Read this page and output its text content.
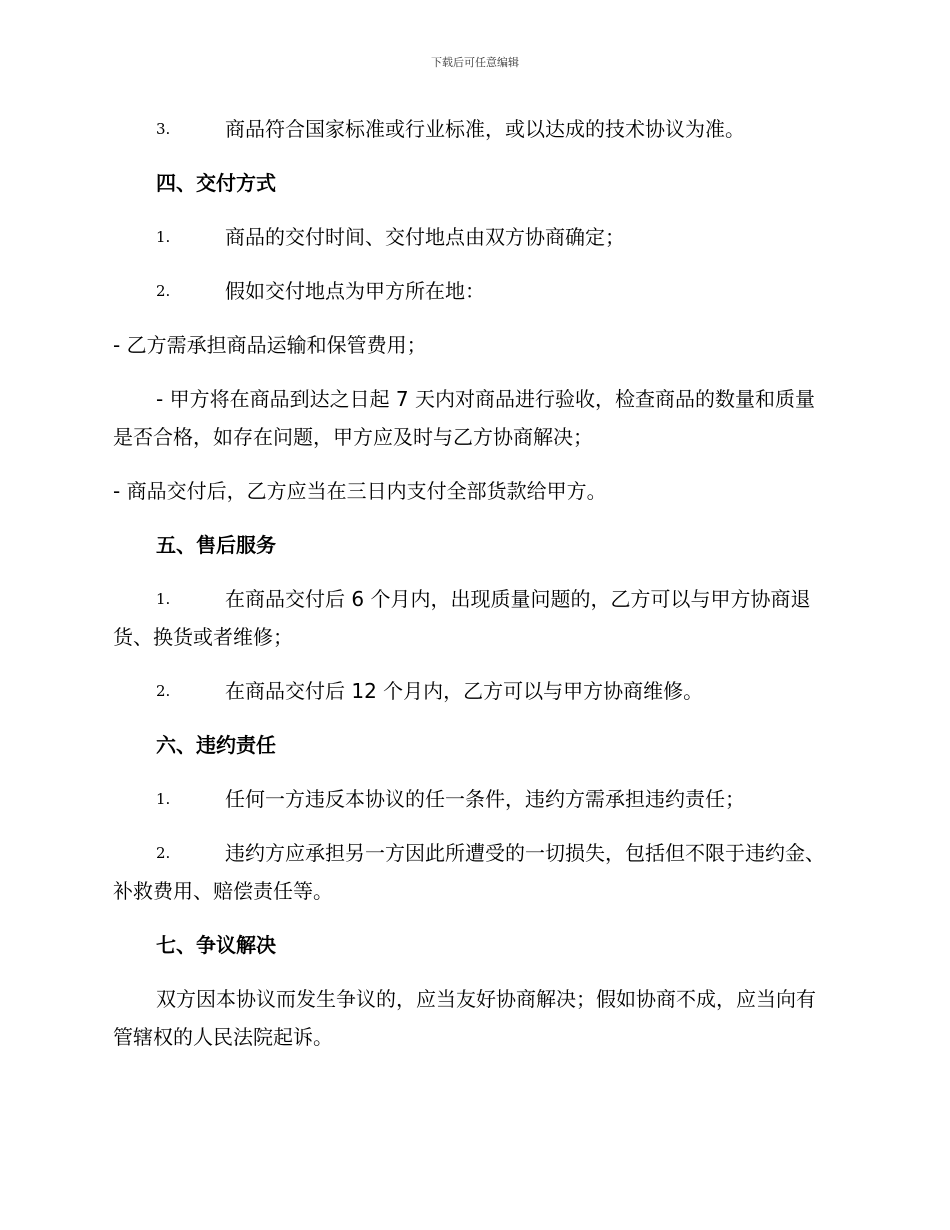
下载后可任意编辑
3.	商品符合国家标准或行业标准，或以达成的技术协议为准。
四、交付方式
1.	商品的交付时间、交付地点由双方协商确定；
2.	假如交付地点为甲方所在地：
- 乙方需承担商品运输和保管费用；
- 甲方将在商品到达之日起 7 天内对商品进行验收，检查商品的数量和质量是否合格，如存在问题，甲方应及时与乙方协商解决；
- 商品交付后，乙方应当在三日内支付全部货款给甲方。
五、售后服务
1.	在商品交付后 6 个月内，出现质量问题的，乙方可以与甲方协商退货、换货或者维修；
2.	在商品交付后 12 个月内，乙方可以与甲方协商维修。
六、违约责任
1.	任何一方违反本协议的任一条件，违约方需承担违约责任；
2.	违约方应承担另一方因此所遭受的一切损失，包括但不限于违约金、补救费用、赔偿责任等。
七、争议解决
双方因本协议而发生争议的，应当友好协商解决；假如协商不成，应当向有管辖权的人民法院起诉。
